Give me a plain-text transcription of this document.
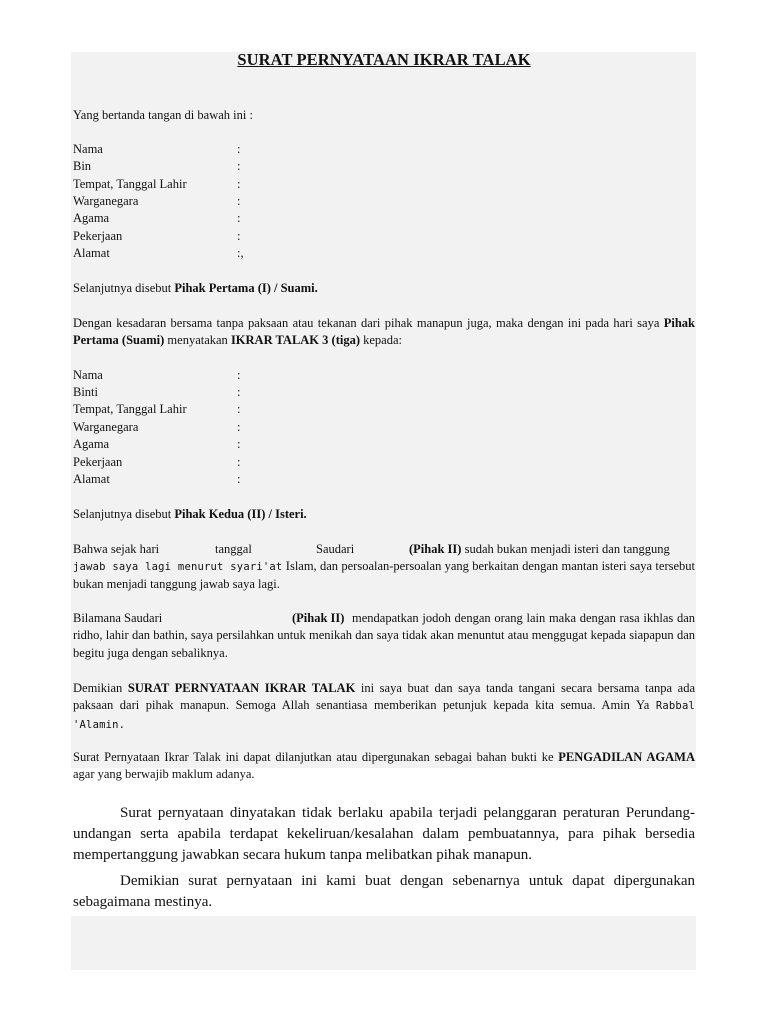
SURAT PERNYATAAN IKRAR TALAK
Yang bertanda tangan di bawah ini :
Nama	:
Bin	:
Tempat, Tanggal Lahir	:
Warganegara	:
Agama	:
Pekerjaan	:
Alamat	:,
Selanjutnya disebut Pihak Pertama (I) / Suami.
Dengan kesadaran bersama tanpa paksaan atau tekanan dari pihak manapun juga, maka dengan ini pada hari saya Pihak Pertama (Suami) menyatakan IKRAR TALAK 3 (tiga) kepada:
Nama	:
Binti	:
Tempat, Tanggal Lahir	:
Warganegara	:
Agama	:
Pekerjaan	:
Alamat	:
Selanjutnya disebut Pihak Kedua (II) / Isteri.
Bahwa sejak hari	tanggal	Saudari	(Pihak II) sudah bukan menjadi isteri dan tanggung
jawab saya lagi menurut syari'at Islam, dan persoalan-persoalan yang berkaitan dengan mantan isteri saya tersebut bukan menjadi tanggung jawab saya lagi.
Bilamana Saudari	(Pihak II) mendapatkan jodoh dengan orang lain maka dengan rasa ikhlas dan ridho, lahir dan bathin, saya persilahkan untuk menikah dan saya tidak akan menuntut atau menggugat kepada siapapun dan begitu juga dengan sebaliknya.
Demikian SURAT PERNYATAAN IKRAR TALAK ini saya buat dan saya tanda tangani secara bersama tanpa ada paksaan dari pihak manapun. Semoga Allah senantiasa memberikan petunjuk kepada kita semua. Amin Ya Rabbal 'Alamin.
Surat Pernyataan Ikrar Talak ini dapat dilanjutkan atau dipergunakan sebagai bahan bukti ke PENGADILAN AGAMA agar yang berwajib maklum adanya.
Surat pernyataan dinyatakan tidak berlaku apabila terjadi pelanggaran peraturan Perundang-undangan serta apabila terdapat kekeliruan/kesalahan dalam pembuatannya, para pihak bersedia mempertanggung jawabkan secara hukum tanpa melibatkan pihak manapun.
Demikian surat pernyataan ini kami buat dengan sebenarnya untuk dapat dipergunakan sebagaimana mestinya.
